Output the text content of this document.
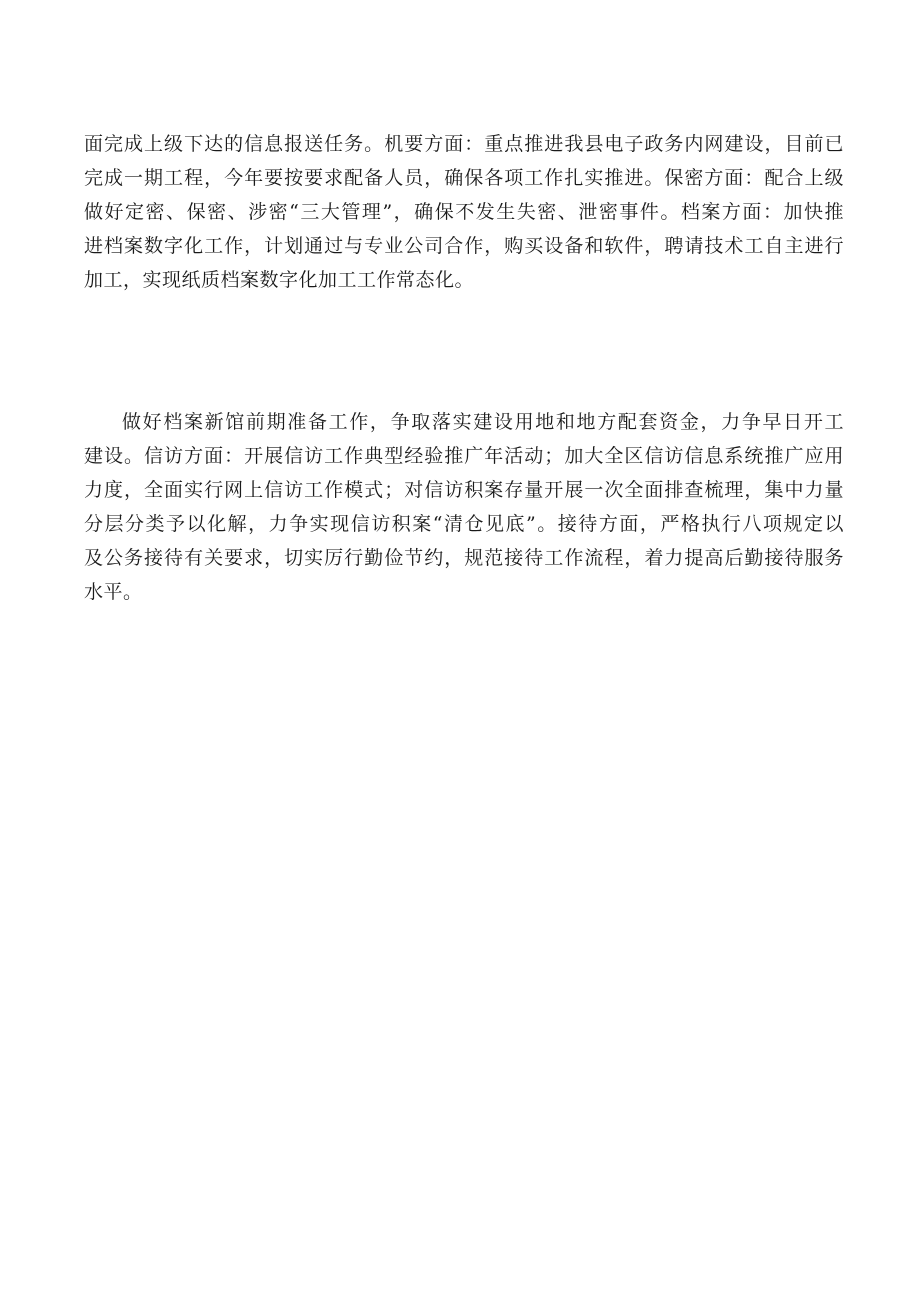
面完成上级下达的信息报送任务。机要方面：重点推进我县电子政务内网建设，目前已
完成一期工程，今年要按要求配备人员，确保各项工作扎实推进。保密方面：配合上级
做好定密、保密、涉密“三大管理”，确保不发生失密、泄密事件。档案方面：加快推
进档案数字化工作，计划通过与专业公司合作，购买设备和软件，聘请技术工自主进行
加工，实现纸质档案数字化加工工作常态化。
做好档案新馆前期准备工作，争取落实建设用地和地方配套资金，力争早日开工
建设。信访方面：开展信访工作典型经验推广年活动；加大全区信访信息系统推广应用
力度，全面实行网上信访工作模式；对信访积案存量开展一次全面排查梳理，集中力量
分层分类予以化解，力争实现信访积案“清仓见底”。接待方面，严格执行八项规定以
及公务接待有关要求，切实厉行勤俭节约，规范接待工作流程，着力提高后勤接待服务
水平。
